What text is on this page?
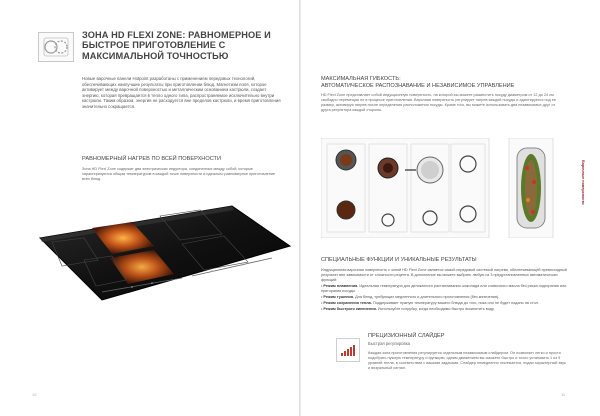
ЗОНА HD FLEXI ZONE: РАВНОМЕРНОЕ И БЫСТРОЕ ПРИГОТОВЛЕНИЕ С МАКСИМАЛЬНОЙ ТОЧНОСТЬЮ
Новые варочные панели Hotpoint разработаны с применением передовых технологий, обеспечивающих наилучшие результаты при приготовлении блюд. Магнетизм поля, которое активирует между варочной поверхностью и металлическим основанием кастрюли, создает энергию, которая превращается в тепло одного типа, распространяемое исключительно внутри кастрюли. Таким образом, энергия не расходуется вне пределов кастрюли, и время приготовления значительно сокращается.
РАВНОМЕРНЫЙ НАГРЕВ ПО ВСЕЙ ПОВЕРХНОСТИ
Зона HD Flexi Zone содержит два электрических индуктора, соединенных между собой, которые характеризуются общим температуром в каждой точке поверхности и идеально равномерное приготовление всех блюд.
10
МАКСИМАЛЬНАЯ ГИБКОСТЬ:
АВТОМАТИЧЕСКОЕ РАСПОЗНАВАНИЕ И НЕЗАВИСИМОЕ УПРАВЛЕНИЕ
HD Flexi Zone представляет собой индукционную поверхность, на которой вы можете разместить посуду диаметром от 12 до 24 см свободно перемещая ее в процессе приготовления. Варочная поверхность регулирует нагрев каждой посуды и адаптируется под ее размер, активируя нагрев после определения расположения посуды. Кроме того, вы можете использовать два независимых друг от друга регулятора каждой стороны.
Варочные поверхности
СПЕЦИАЛЬНЫЕ ФУНКЦИИ И УНИКАЛЬНЫЕ РЕЗУЛЬТАТЫ

Индукционная варочная поверхность с зоной HD Flexi Zone является самой передовой системой нагрева, обеспечивающей превосходный результат вне зависимости от сложности рецепта. В дополнение вы можете выбрать любую из 3 предустановленных автоматических функций:

• Режим плавления. Идеальная температура для деликатного растапливания шоколада или сливочного масла без риска подгорания или пригорания посуды.

• Режим тушения. Для блюд, требующих медленного и длительного приготовления (без кипячения).

• Режим сохранения тепла. Поддерживает нужную температуру вашего блюда до того, пока оно не будет подано на стол.

• Режим быстрого кипячения. Используйте потрубку, когда необходимо быстро вскипятить воду.

ПРЕЦИЗИОННЫЙ СЛАЙДЕР
Быстрая регулировка
Каждая зона приготовления регулируется отдельным независимым слайдером. Он позволяет легко и просто подобрать нужную температуру и функцию, одним движением вы сможете быстро и точно установить 1 из 9 уровней тепла, в соответствии с вашими задачами. Слайдер немедленно откликается, подая характерный звук и визуальный сигнал.
11
